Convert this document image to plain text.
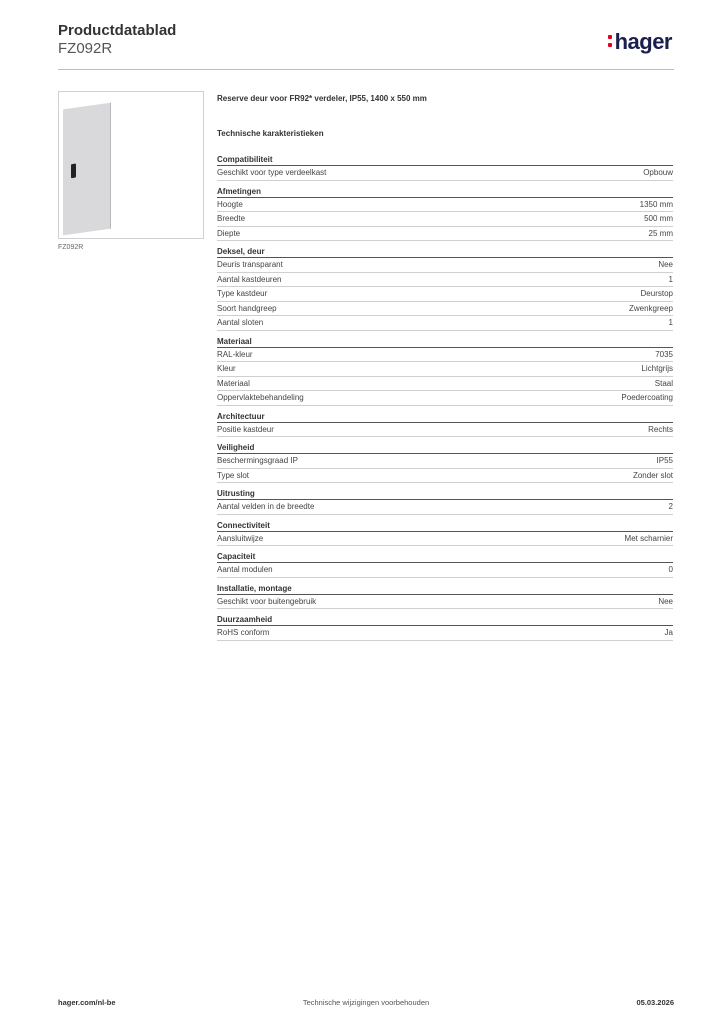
Productdatablad
FZ092R	hager
FZ092R
Reserve deur voor FR92* verdeler, IP55, 1400 x 550 mm
Technische karakteristieken
Compatibiliteit
Geschikt voor type verdeelkast	Opbouw
Afmetingen
Hoogte	1350 mm
Breedte	500 mm
Diepte	25 mm
Deksel, deur
Deuris transparant	Nee
Aantal kastdeuren	1
Type kastdeur	Deurstop
Soort handgreep	Zwenkgreep
Aantal sloten	1
Materiaal
RAL-kleur	7035
Kleur	Lichtgrijs
Materiaal	Staal
Oppervlaktebehandeling	Poedercoating
Architectuur
Positie kastdeur	Rechts
Veiligheid
Beschermingsgraad IP	IP55
Type slot	Zonder slot
Uitrusting
Aantal velden in de breedte	2
Connectiviteit
Aansluitwijze	Met scharnier
Capaciteit
Aantal modulen	0
Installatie, montage
Geschikt voor buitengebruik	Nee
Duurzaamheid
RoHS conform	Ja
hager.com/nl-be	Technische wijzigingen voorbehouden	05.03.2026
